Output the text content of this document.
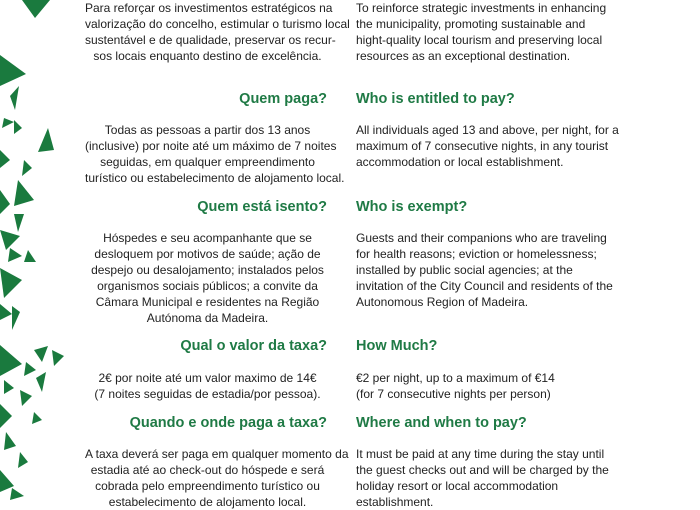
Para reforçar os investimentos estratégicos na
valorização do concelho, estimular o turismo local
sustentável e de qualidade, preservar os recur-
sos locais enquanto destino de excelência.
To reinforce strategic investments in enhancing
the municipality, promoting sustainable and
hight-quality local tourism and preserving local
resources as an exceptional destination.
Quem paga? Who is entitled to pay?
Todas as pessoas a partir dos 13 anos
(inclusive) por noite até um máximo de 7 noites
seguidas, em qualquer empreendimento
turístico ou estabelecimento de alojamento local.
All individuals aged 13 and above, per night, for a
maximum of 7 consecutive nights, in any tourist
accommodation or local establishment.
Quem está isento? Who is exempt?
Hóspedes e seu acompanhante que se
desloquem por motivos de saúde; ação de
despejo ou desalojamento; instalados pelos
organismos sociais públicos; a convite da
Câmara Municipal e residentes na Região
Autónoma da Madeira.
Guests and their companions who are traveling
for health reasons; eviction or homelessness;
installed by public social agencies; at the
invitation of the City Council and residents of the
Autonomous Region of Madeira.
Qual o valor da taxa? How Much?
2€ por noite até um valor maximo de 14€
(7 noites seguidas de estadia/por pessoa).
€2 per night, up to a maximum of €14
(for 7 consecutive nights per person)
Quando e onde paga a taxa? Where and when to pay?
A taxa deverá ser paga em qualquer momento da
estadia até ao check-out do hóspede e será
cobrada pelo empreendimento turístico ou
estabelecimento de alojamento local.
It must be paid at any time during the stay until
the guest checks out and will be charged by the
holiday resort or local accommodation
establishment.
